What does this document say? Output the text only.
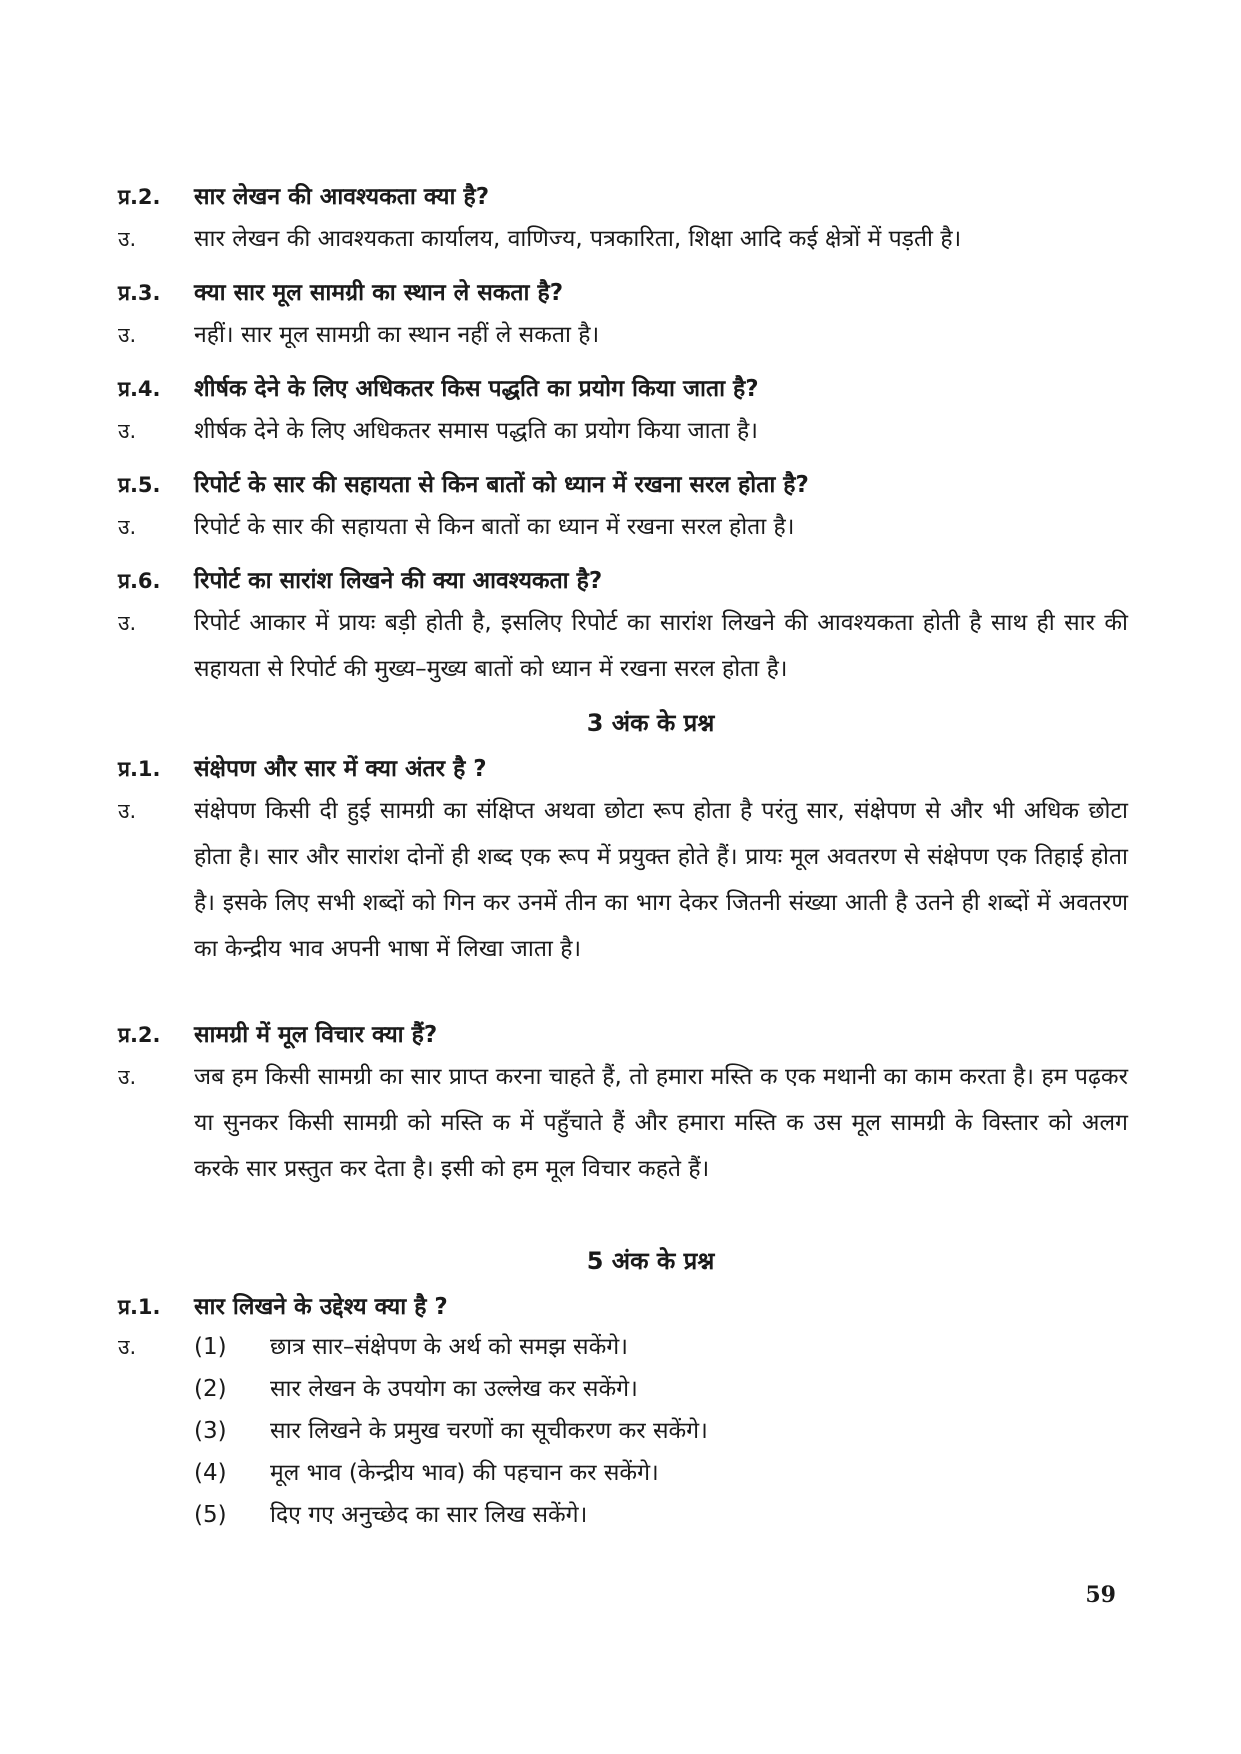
प्र.2.	सार लेखन की आवश्यकता क्या है?
उ.	सार लेखन की आवश्यकता कार्यालय, वाणिज्य, पत्रकारिता, शिक्षा आदि कई क्षेत्रों में पड़ती है।
प्र.3.	क्या सार मूल सामग्री का स्थान ले सकता है?
उ.	नहीं। सार मूल सामग्री का स्थान नहीं ले सकता है।
प्र.4.	शीर्षक देने के लिए अधिकतर किस पद्धति का प्रयोग किया जाता है?
उ.	शीर्षक देने के लिए अधिकतर समास पद्धति का प्रयोग किया जाता है।
प्र.5.	रिपोर्ट के सार की सहायता से किन बातों को ध्यान में रखना सरल होता है?
उ.	रिपोर्ट के सार की सहायता से किन बातों का ध्यान में रखना सरल होता है।
प्र.6.	रिपोर्ट का सारांश लिखने की क्या आवश्यकता है?
उ.	रिपोर्ट आकार में प्रायः बड़ी होती है, इसलिए रिपोर्ट का सारांश लिखने की आवश्यकता होती है साथ ही सार की सहायता से रिपोर्ट की मुख्य–मुख्य बातों को ध्यान में रखना सरल होता है।
3 अंक के प्रश्न
प्र.1.	संक्षेपण और सार में क्या अंतर है ?
उ.	संक्षेपण किसी दी हुई सामग्री का संक्षिप्त अथवा छोटा रूप होता है परंतु सार, संक्षेपण से और भी अधिक छोटा होता है। सार और सारांश दोनों ही शब्द एक रूप में प्रयुक्त होते हैं। प्रायः मूल अवतरण से संक्षेपण एक तिहाई होता है। इसके लिए सभी शब्दों को गिन कर उनमें तीन का भाग देकर जितनी संख्या आती है उतने ही शब्दों में अवतरण का केन्द्रीय भाव अपनी भाषा में लिखा जाता है।
प्र.2.	सामग्री में मूल विचार क्या हैं?
उ.	जब हम किसी सामग्री का सार प्राप्त करना चाहते हैं, तो हमारा मस्ति क एक मथानी का काम करता है। हम पढ़कर या सुनकर किसी सामग्री को मस्ति क में पहुँचाते हैं और हमारा मस्ति क उस मूल सामग्री के विस्तार को अलग करके सार प्रस्तुत कर देता है। इसी को हम मूल विचार कहते हैं।
5 अंक के प्रश्न
प्र.1.	सार लिखने के उद्देश्य क्या है ?
उ.	(1)	छात्र सार–संक्षेपण के अर्थ को समझ सकेंगे।
(2)	सार लेखन के उपयोग का उल्लेख कर सकेंगे।
(3)	सार लिखने के प्रमुख चरणों का सूचीकरण कर सकेंगे।
(4)	मूल भाव (केन्द्रीय भाव) की पहचान कर सकेंगे।
(5)	दिए गए अनुच्छेद का सार लिख सकेंगे।
59
